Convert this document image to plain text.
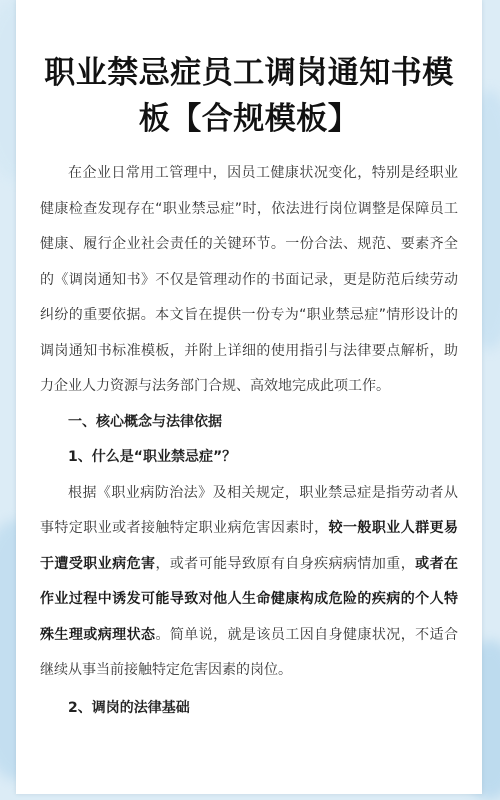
职业禁忌症员工调岗通知书模
板【合规模板】

在企业日常用工管理中，因员工健康状况变化，特别是经职业健康检查发现存在“职业禁忌症”时，依法进行岗位调整是保障员工健康、履行企业社会责任的关键环节。一份合法、规范、要素齐全的《调岗通知书》不仅是管理动作的书面记录，更是防范后续劳动纠纷的重要依据。本文旨在提供一份专为“职业禁忌症”情形设计的调岗通知书标准模板，并附上详细的使用指引与法律要点解析，助力企业人力资源与法务部门合规、高效地完成此项工作。

一、核心概念与法律依据

1、什么是“职业禁忌症”？

根据《职业病防治法》及相关规定，职业禁忌症是指劳动者从事特定职业或者接触特定职业病危害因素时，较一般职业人群更易于遭受职业病危害，或者可能导致原有自身疾病病情加重，或者在作业过程中诱发可能导致对他人生命健康构成危险的疾病的个人特殊生理或病理状态。简单说，就是该员工因自身健康状况，不适合继续从事当前接触特定危害因素的岗位。

2、调岗的法律基础
